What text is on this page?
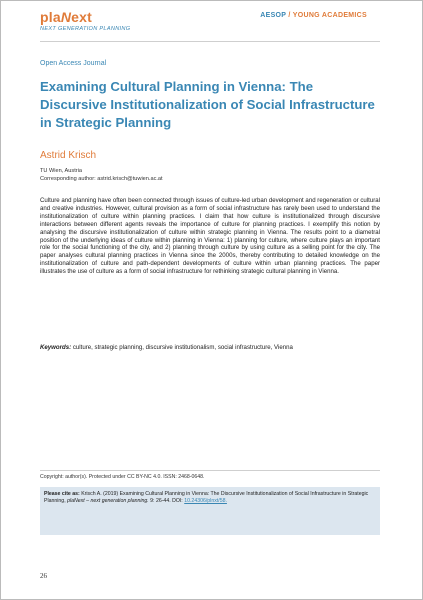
plaNext
NEXT GENERATION PLANNING
AESOP / YOUNG ACADEMICS
Open Access Journal
Examining Cultural Planning in Vienna: The Discursive Institutionalization of Social Infrastructure in Strategic Planning
Astrid Krisch
TU Wien, Austria
Corresponding author: astrid.krisch@tuwien.ac.at
Culture and planning have often been connected through issues of culture-led urban development and regeneration or cultural and creative industries. However, cultural provision as a form of social infrastructure has rarely been used to understand the institutionalization of culture within planning practices. I claim that how culture is institutionalized through discursive interactions between different agents reveals the importance of culture for planning practices. I exemplify this notion by analysing the discursive institutionalization of culture within strategic planning in Vienna. The results point to a diametral position of the underlying ideas of culture within planning in Vienna: 1) planning for culture, where culture plays an important role for the social functioning of the city, and 2) planning through culture by using culture as a selling point for the city. The paper analyses cultural planning practices in Vienna since the 2000s, thereby contributing to detailed knowledge on the institutionalization of culture and path-dependent developments of culture within urban planning practices. The paper illustrates the use of culture as a form of social infrastructure for rethinking strategic cultural planning in Vienna.
Keywords: culture, strategic planning, discursive institutionalism, social infrastructure, Vienna
Copyright: author(s). Protected under CC BY-NC 4.0. ISSN: 2468-0648.
Please cite as: Krisch A. (2019) Examining Cultural Planning in Vienna: The Discursive Institutionalization of Social Infrastructure in Strategic Planning, plaNext – next generation planning. 9: 26-44. DOI: 10.24306/plnxt/58.
26
